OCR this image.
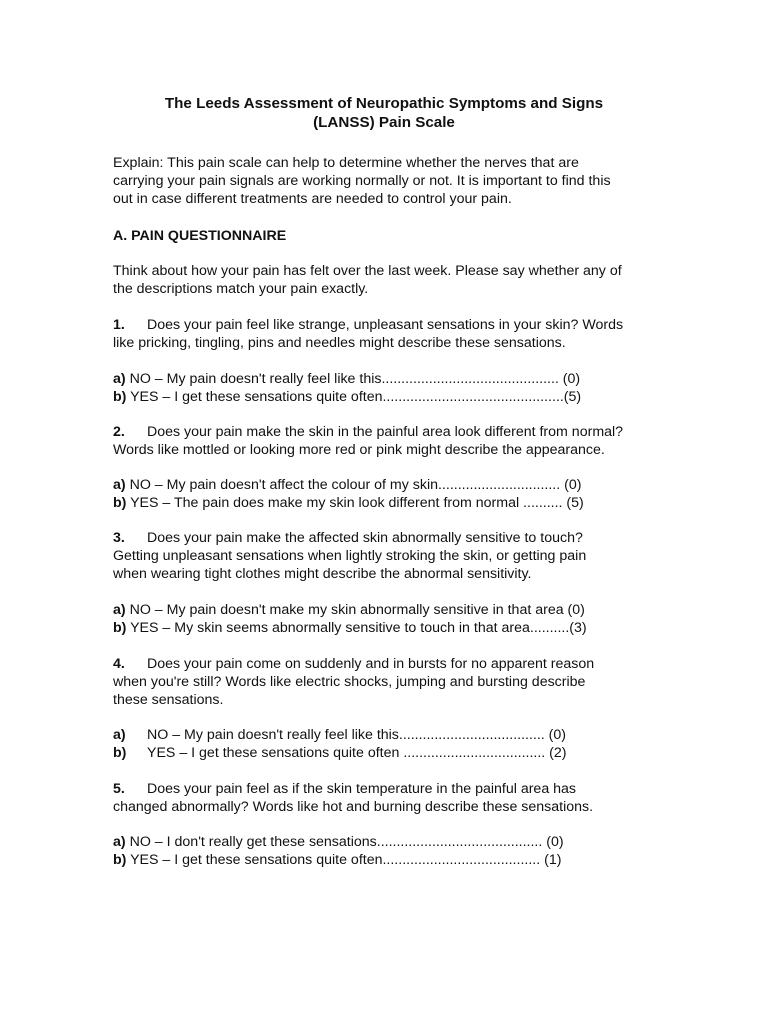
The Leeds Assessment of Neuropathic Symptoms and Signs
(LANSS) Pain Scale
Explain: This pain scale can help to determine whether the nerves that are
carrying your pain signals are working normally or not. It is important to find this
out in case different treatments are needed to control your pain.
A. PAIN QUESTIONNAIRE
Think about how your pain has felt over the last week. Please say whether any of
the descriptions match your pain exactly.
1. Does your pain feel like strange, unpleasant sensations in your skin? Words
like pricking, tingling, pins and needles might describe these sensations.
a) NO – My pain doesn't really feel like this............................................. (0)
b) YES – I get these sensations quite often..............................................(5)
2. Does your pain make the skin in the painful area look different from normal?
Words like mottled or looking more red or pink might describe the appearance.
a) NO – My pain doesn't affect the colour of my skin............................... (0)
b) YES – The pain does make my skin look different from normal .......... (5)
3. Does your pain make the affected skin abnormally sensitive to touch?
Getting unpleasant sensations when lightly stroking the skin, or getting pain
when wearing tight clothes might describe the abnormal sensitivity.
a) NO – My pain doesn't make my skin abnormally sensitive in that area (0)
b) YES – My skin seems abnormally sensitive to touch in that area..........(3)
4. Does your pain come on suddenly and in bursts for no apparent reason
when you're still? Words like electric shocks, jumping and bursting describe
these sensations.
a) NO – My pain doesn't really feel like this..................................... (0)
b) YES – I get these sensations quite often .................................... (2)
5. Does your pain feel as if the skin temperature in the painful area has
changed abnormally? Words like hot and burning describe these sensations.
a) NO – I don't really get these sensations.......................................... (0)
b) YES – I get these sensations quite often........................................ (1)
